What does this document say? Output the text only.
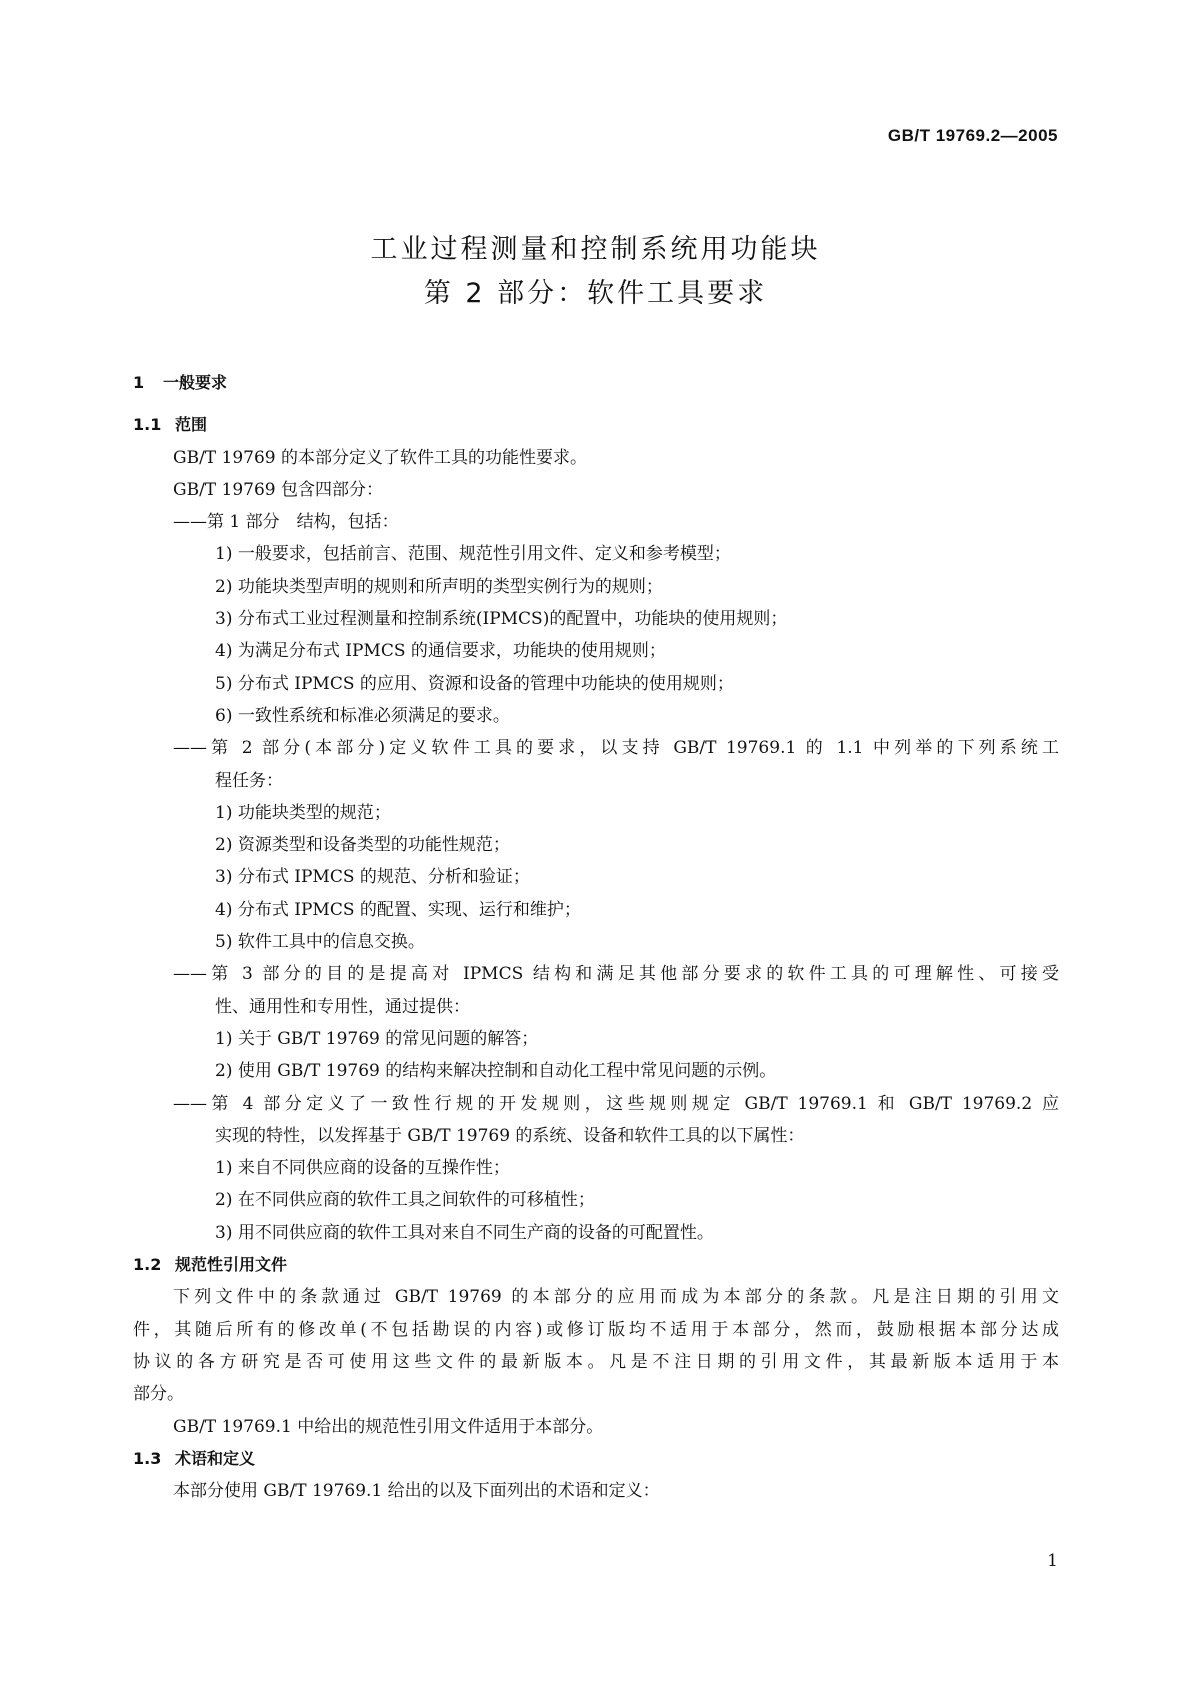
GB/T 19769.2—2005
工业过程测量和控制系统用功能块
第 2 部分：软件工具要求
1 一般要求
1.1 范围
GB/T 19769 的本部分定义了软件工具的功能性要求。
GB/T 19769 包含四部分：
——第 1 部分　结构，包括：
1) 一般要求，包括前言、范围、规范性引用文件、定义和参考模型；
2) 功能块类型声明的规则和所声明的类型实例行为的规则；
3) 分布式工业过程测量和控制系统(IPMCS)的配置中，功能块的使用规则；
4) 为满足分布式 IPMCS 的通信要求，功能块的使用规则；
5) 分布式 IPMCS 的应用、资源和设备的管理中功能块的使用规则；
6) 一致性系统和标准必须满足的要求。
——第 2 部分(本部分)定义软件工具的要求，以支持 GB/T 19769.1 的 1.1 中列举的下列系统工
程任务：
1) 功能块类型的规范；
2) 资源类型和设备类型的功能性规范；
3) 分布式 IPMCS 的规范、分析和验证；
4) 分布式 IPMCS 的配置、实现、运行和维护；
5) 软件工具中的信息交换。
——第 3 部分的目的是提高对 IPMCS 结构和满足其他部分要求的软件工具的可理解性、可接受
性、通用性和专用性，通过提供：
1) 关于 GB/T 19769 的常见问题的解答；
2) 使用 GB/T 19769 的结构来解决控制和自动化工程中常见问题的示例。
——第 4 部分定义了一致性行规的开发规则，这些规则规定 GB/T 19769.1 和 GB/T 19769.2 应
实现的特性，以发挥基于 GB/T 19769 的系统、设备和软件工具的以下属性：
1) 来自不同供应商的设备的互操作性；
2) 在不同供应商的软件工具之间软件的可移植性；
3) 用不同供应商的软件工具对来自不同生产商的设备的可配置性。
1.2 规范性引用文件
下列文件中的条款通过 GB/T 19769 的本部分的应用而成为本部分的条款。凡是注日期的引用文
件，其随后所有的修改单(不包括勘误的内容)或修订版均不适用于本部分，然而，鼓励根据本部分达成
协议的各方研究是否可使用这些文件的最新版本。凡是不注日期的引用文件，其最新版本适用于本
部分。
GB/T 19769.1 中给出的规范性引用文件适用于本部分。
1.3 术语和定义
本部分使用 GB/T 19769.1 给出的以及下面列出的术语和定义：
1
